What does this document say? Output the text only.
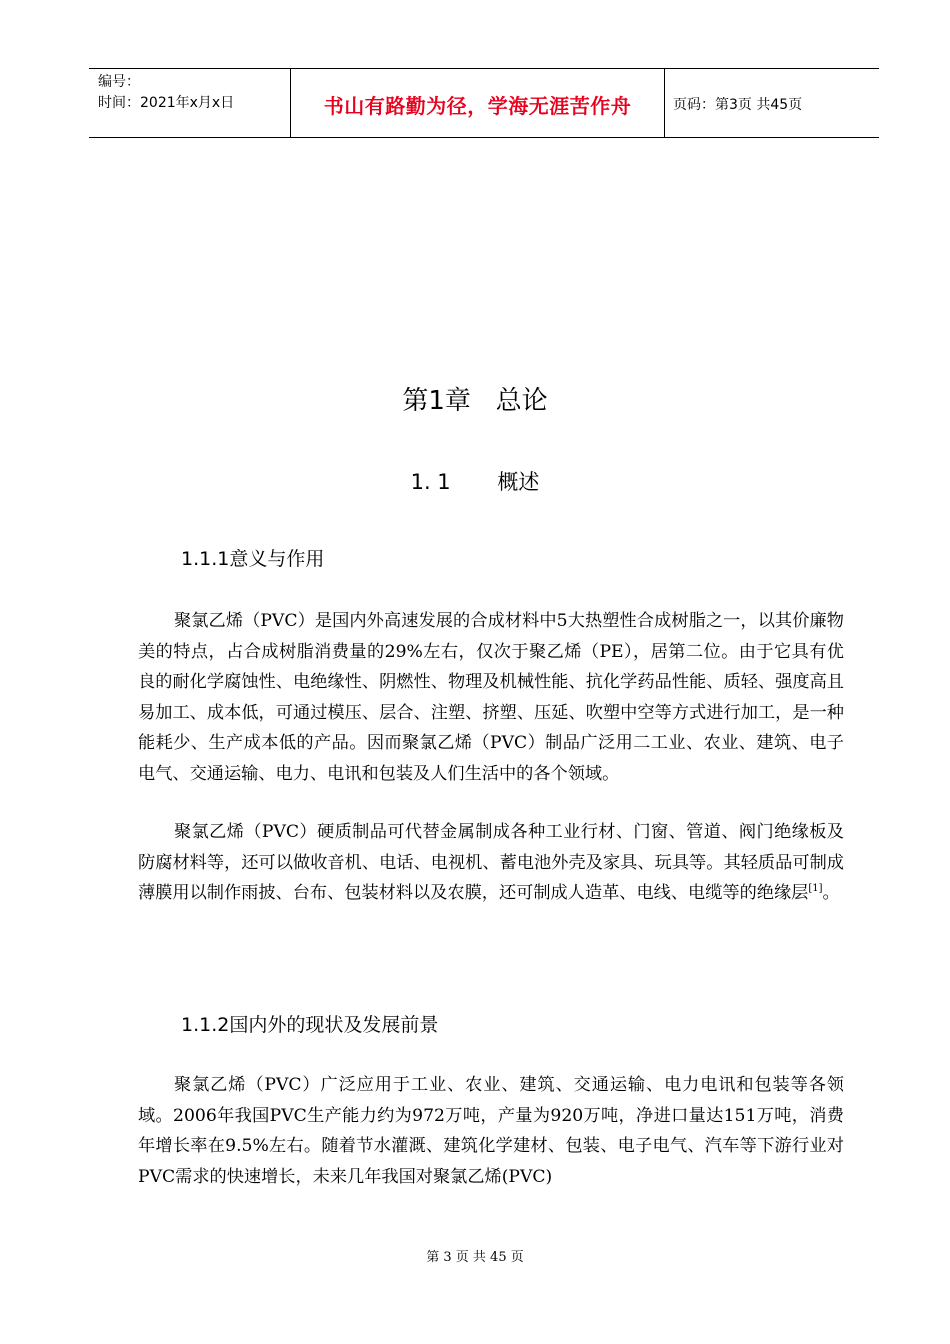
编号：
时间：2021年x月x日	书山有路勤为径，学海无涯苦作舟	页码：第3页 共45页
第1章   总论
1. 1       概述
1.1.1意义与作用

聚氯乙烯（PVC）是国内外高速发展的合成材料中5大热塑性合成树脂之一，以其价廉物美的特点，占合成树脂消费量的29%左右，仅次于聚乙烯（PE），居第二位。由于它具有优良的耐化学腐蚀性、电绝缘性、阴燃性、物理及机械性能、抗化学药品性能、质轻、强度高且易加工、成本低，可通过模压、层合、注塑、挤塑、压延、吹塑中空等方式进行加工，是一种能耗少、生产成本低的产品。因而聚氯乙烯（PVC）制品广泛用二工业、农业、建筑、电子电气、交通运输、电力、电讯和包装及人们生活中的各个领域。

聚氯乙烯（PVC）硬质制品可代替金属制成各种工业行材、门窗、管道、阀门绝缘板及防腐材料等，还可以做收音机、电话、电视机、蓄电池外壳及家具、玩具等。其轻质品可制成薄膜用以制作雨披、台布、包装材料以及农膜，还可制成人造革、电线、电缆等的绝缘层[1]。

1.1.2国内外的现状及发展前景

聚氯乙烯（PVC）广泛应用于工业、农业、建筑、交通运输、电力电讯和包装等各领域。2006年我国PVC生产能力约为972万吨，产量为920万吨，净进口量达151万吨，消费年增长率在9.5%左右。随着节水灌溉、建筑化学建材、包装、电子电气、汽车等下游行业对PVC需求的快速增长，未来几年我国对聚氯乙烯(PVC)

第 3 页 共 45 页
